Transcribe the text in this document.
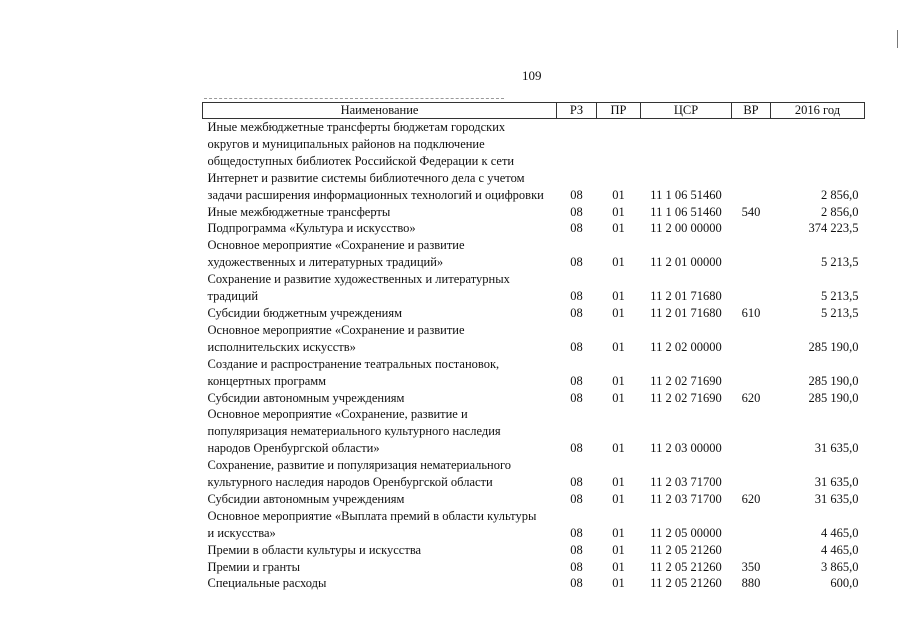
109
Наименование	РЗ	ПР	ЦСР	ВР	2016 год
Иные межбюджетные трансферты бюджетам городских
округов и муниципальных районов на подключение
общедоступных библиотек Российской Федерации к сети
Интернет и развитие системы библиотечного дела с учетом
задачи расширения информационных технологий и оцифровки	08	01	11 1 06 51460		2 856,0
Иные межбюджетные трансферты	08	01	11 1 06 51460	540	2 856,0
Подпрограмма «Культура и искусство»	08	01	11 2 00 00000		374 223,5
Основное мероприятие «Сохранение и развитие
художественных и литературных традиций»	08	01	11 2 01 00000		5 213,5
Сохранение и развитие художественных и литературных
традиций	08	01	11 2 01 71680		5 213,5
Субсидии бюджетным учреждениям	08	01	11 2 01 71680	610	5 213,5
Основное мероприятие «Сохранение и развитие
исполнительских искусств»	08	01	11 2 02 00000		285 190,0
Создание и распространение театральных постановок,
концертных программ	08	01	11 2 02 71690		285 190,0
Субсидии автономным учреждениям	08	01	11 2 02 71690	620	285 190,0
Основное мероприятие «Сохранение, развитие и
популяризация нематериального культурного наследия
народов Оренбургской области»	08	01	11 2 03 00000		31 635,0
Сохранение, развитие и популяризация нематериального
культурного наследия народов Оренбургской области	08	01	11 2 03 71700		31 635,0
Субсидии автономным учреждениям	08	01	11 2 03 71700	620	31 635,0
Основное мероприятие «Выплата премий в области культуры
и искусства»	08	01	11 2 05 00000		4 465,0
Премии в области культуры и искусства	08	01	11 2 05 21260		4 465,0
Премии и гранты	08	01	11 2 05 21260	350	3 865,0
Специальные расходы	08	01	11 2 05 21260	880	600,0
